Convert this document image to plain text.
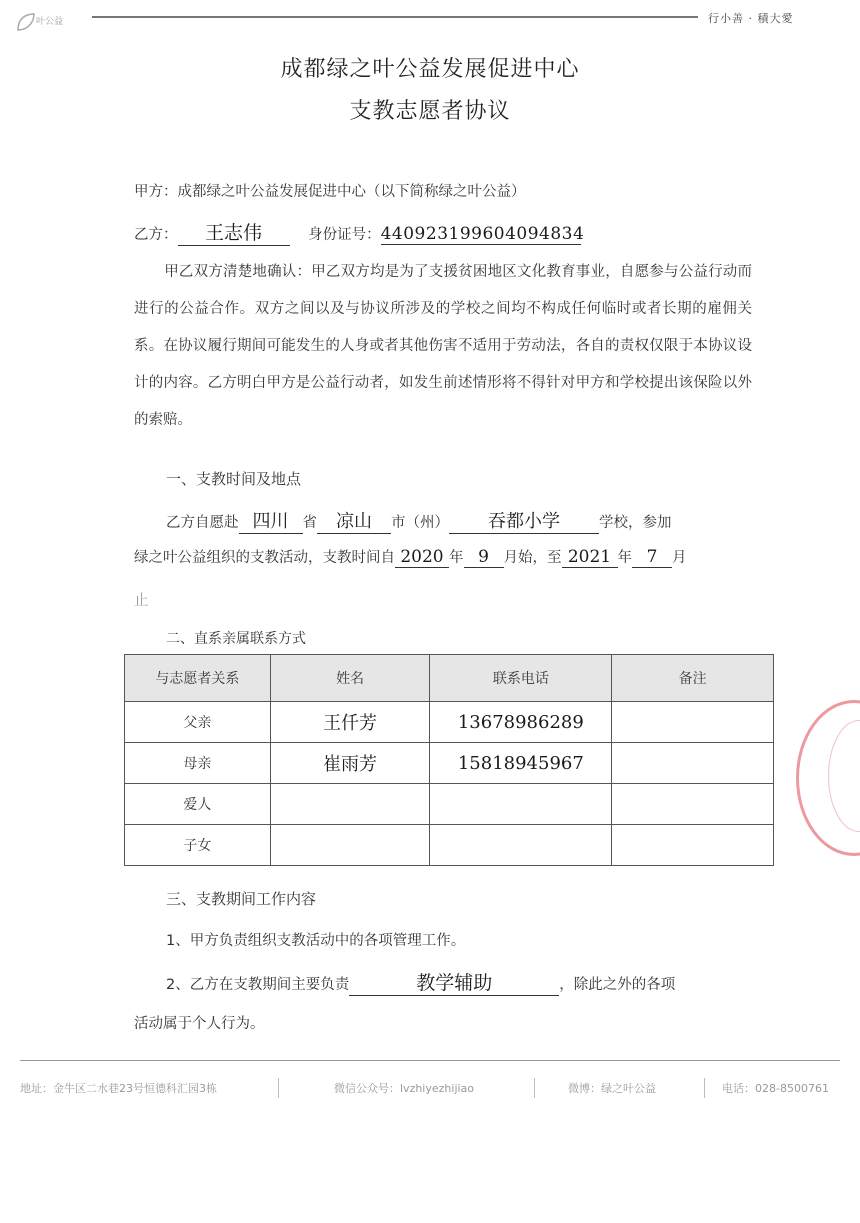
叶公益	行小善 · 積大愛
成都绿之叶公益发展促进中心
支教志愿者协议
甲方：成都绿之叶公益发展促进中心（以下简称绿之叶公益）
乙方： 王志伟	身份证号：440923199604094834
甲乙双方清楚地确认：甲乙双方均是为了支援贫困地区文化教育事业，自愿参与公益行动而进行的公益合作。双方之间以及与协议所涉及的学校之间均不构成任何临时或者长期的雇佣关系。在协议履行期间可能发生的人身或者其他伤害不适用于劳动法，各自的责权仅限于本协议设计的内容。乙方明白甲方是公益行动者，如发生前述情形将不得针对甲方和学校提出该保险以外的索赔。
一、支教时间及地点
乙方自愿赴 四川 省 凉山 市（州） 吞都小学	学校，参加
绿之叶公益组织的支教活动，支教时间自 2020 年 9 月始，至 2021 年 7 月
止
二、直系亲属联系方式
与志愿者关系	姓名	联系电话	备注
父亲	王仟芳	13678986289	
母亲	崔雨芳	15818945967	
爱人			
子女			
三、支教期间工作内容
1、甲方负责组织支教活动中的各项管理工作。
2、乙方在支教期间主要负责	教学辅助	，除此之外的各项
活动属于个人行为。
地址：金牛区二水巷23号恒德科汇园3栋	微信公众号：lvzhiyezhijiao	微博：绿之叶公益	电话：028-8500761
